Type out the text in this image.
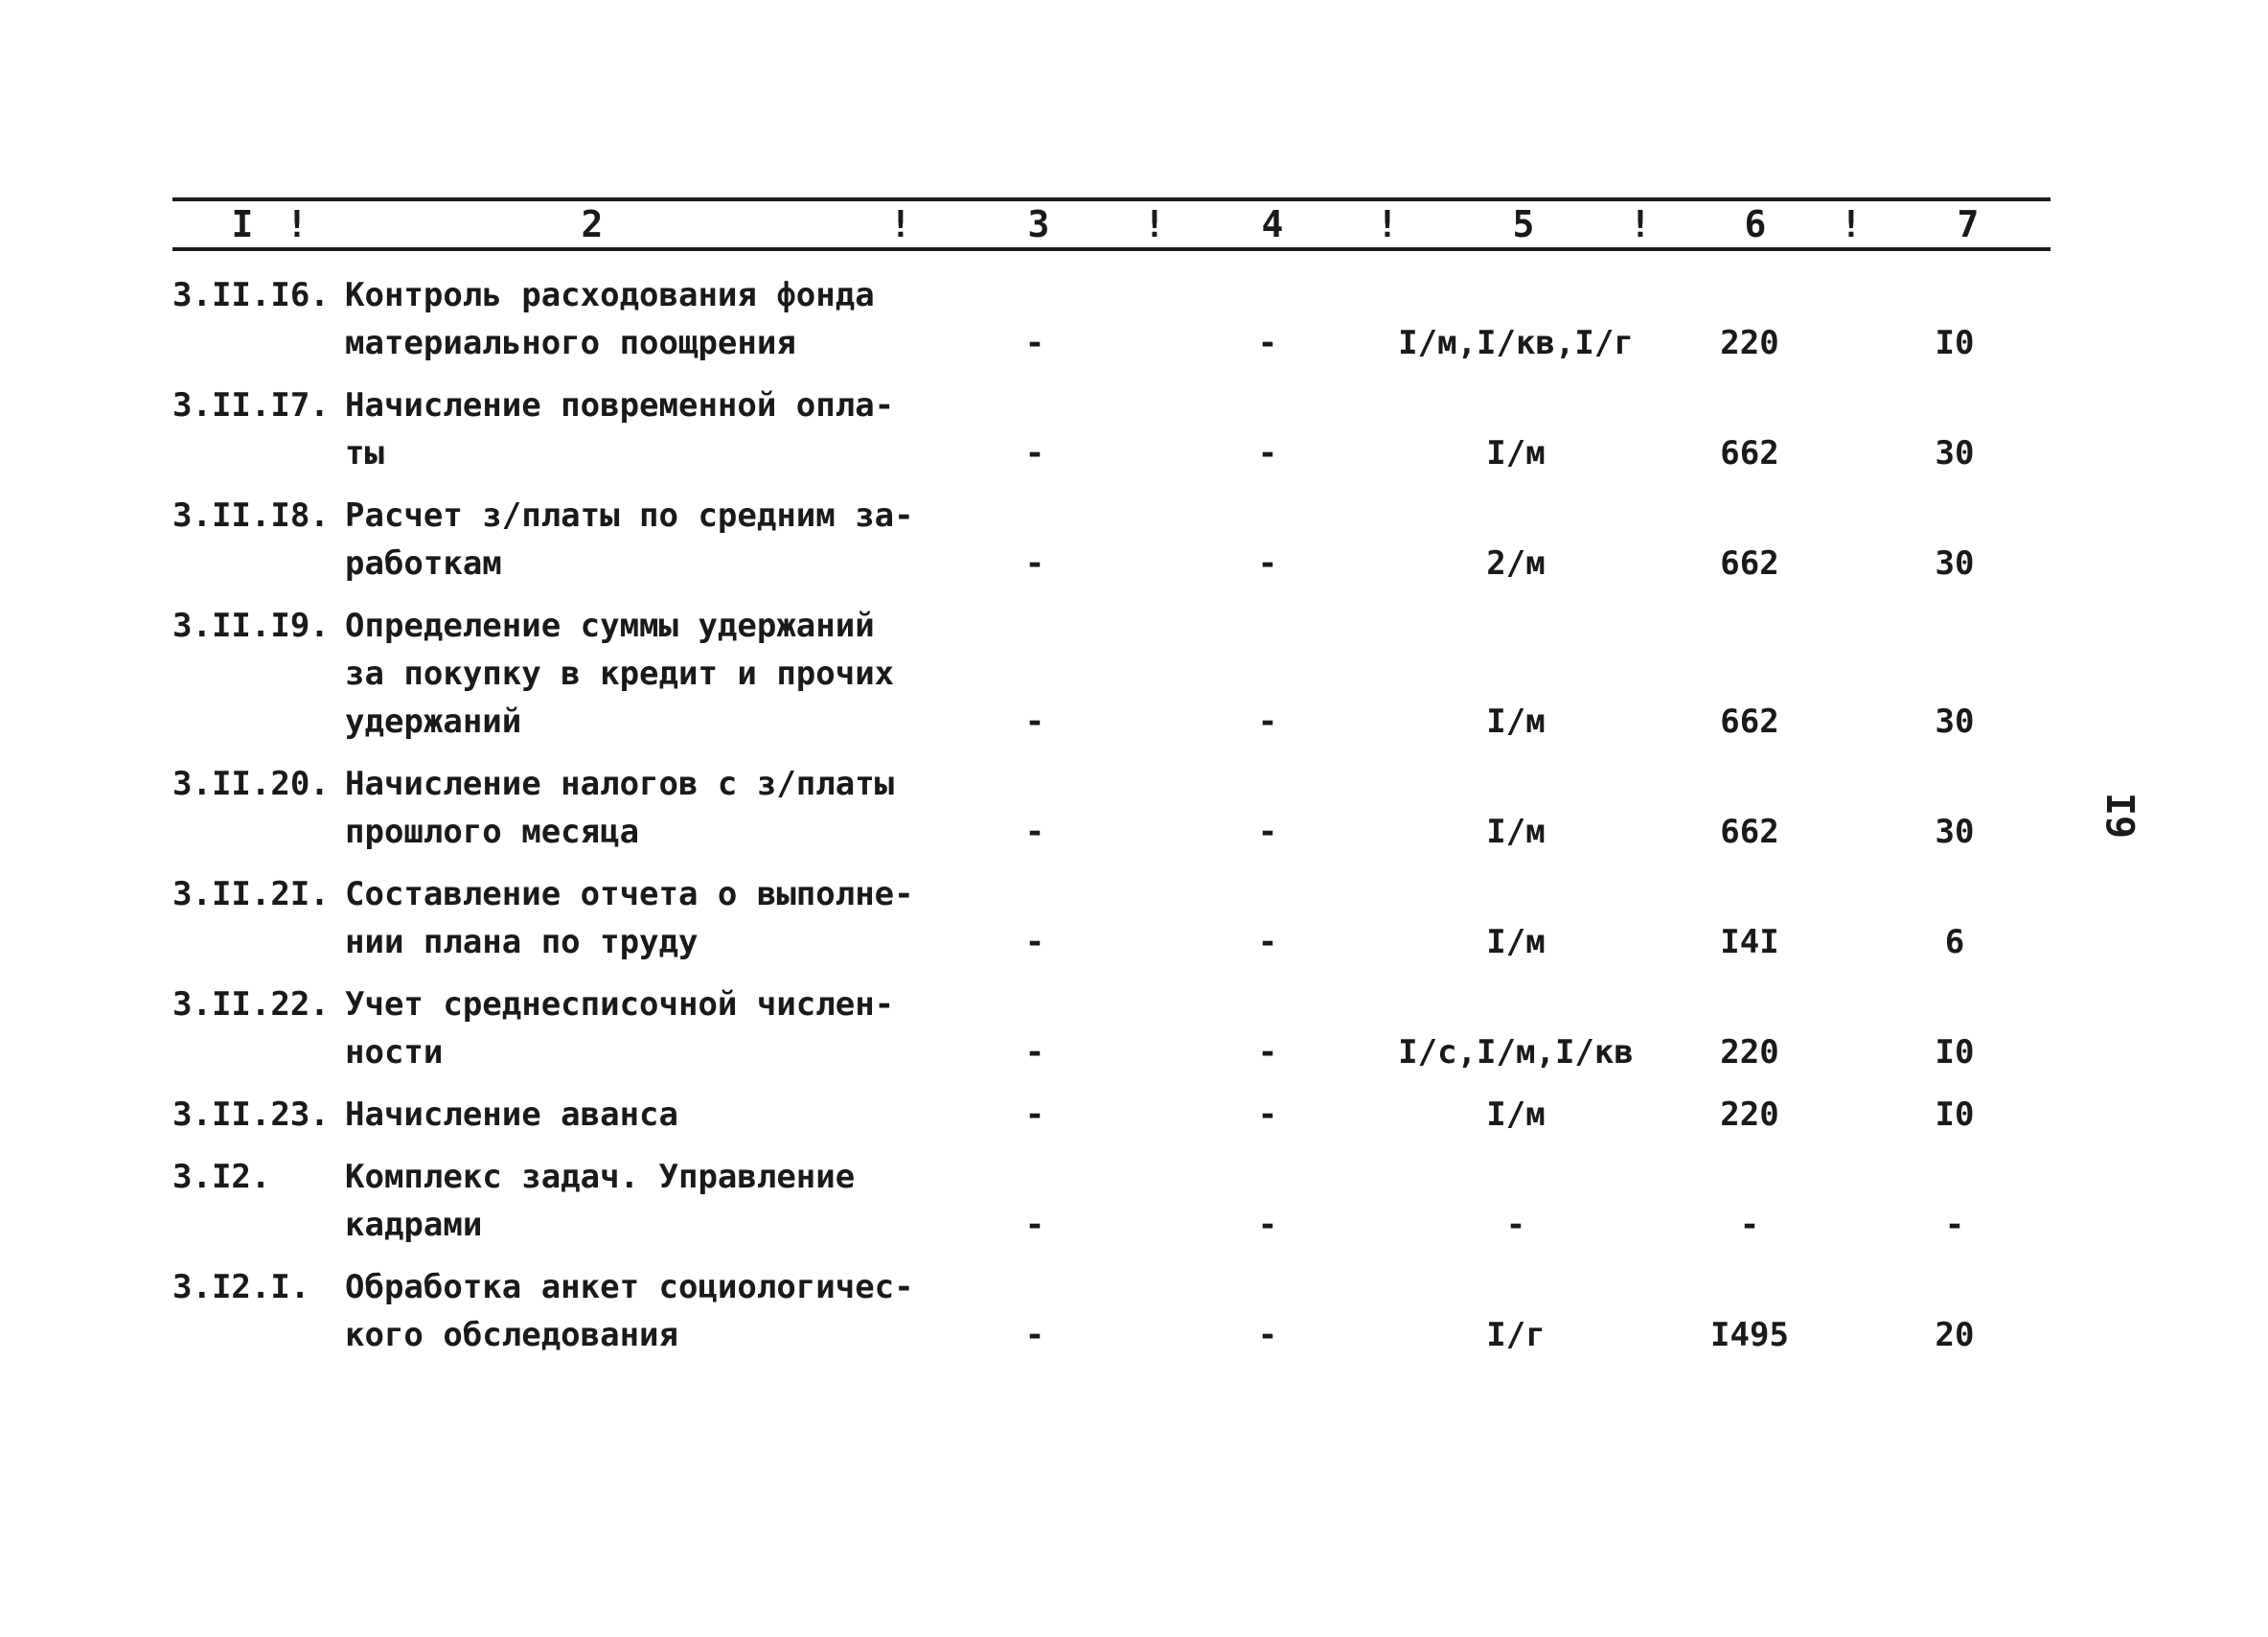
I !	2	!	3	!	4	!	5	!	6 !	7
3.II.I6. Контроль расходования фонда
материального поощрения	-	-	I/м,I/кв,I/г	220	I0
3.II.I7. Начисление повременной опла-
ты	-	-	I/м	662	30
3.II.I8. Расчет з/платы по средним за-
работкам	-	-	2/м	662	30
3.II.I9. Определение суммы удержаний
за покупку в кредит и прочих
удержаний	-	-	I/м	662	30
3.II.20. Начисление налогов с з/платы
прошлого месяца	-	-	I/м	662	30
3.II.2I. Составление отчета о выполне-
нии плана по труду	-	-	I/м	I4I	6
3.II.22. Учет среднесписочной числен-
ности	-	-	I/с,I/м,I/кв	220	I0
3.II.23. Начисление аванса	-	-	I/м	220	I0
3.I2. Комплекс задач. Управление
кадрами	-	-	-	-	-
3.I2.I. Обработка анкет социологичес-
кого обследования	-	-	I/г	I495	20
I9
